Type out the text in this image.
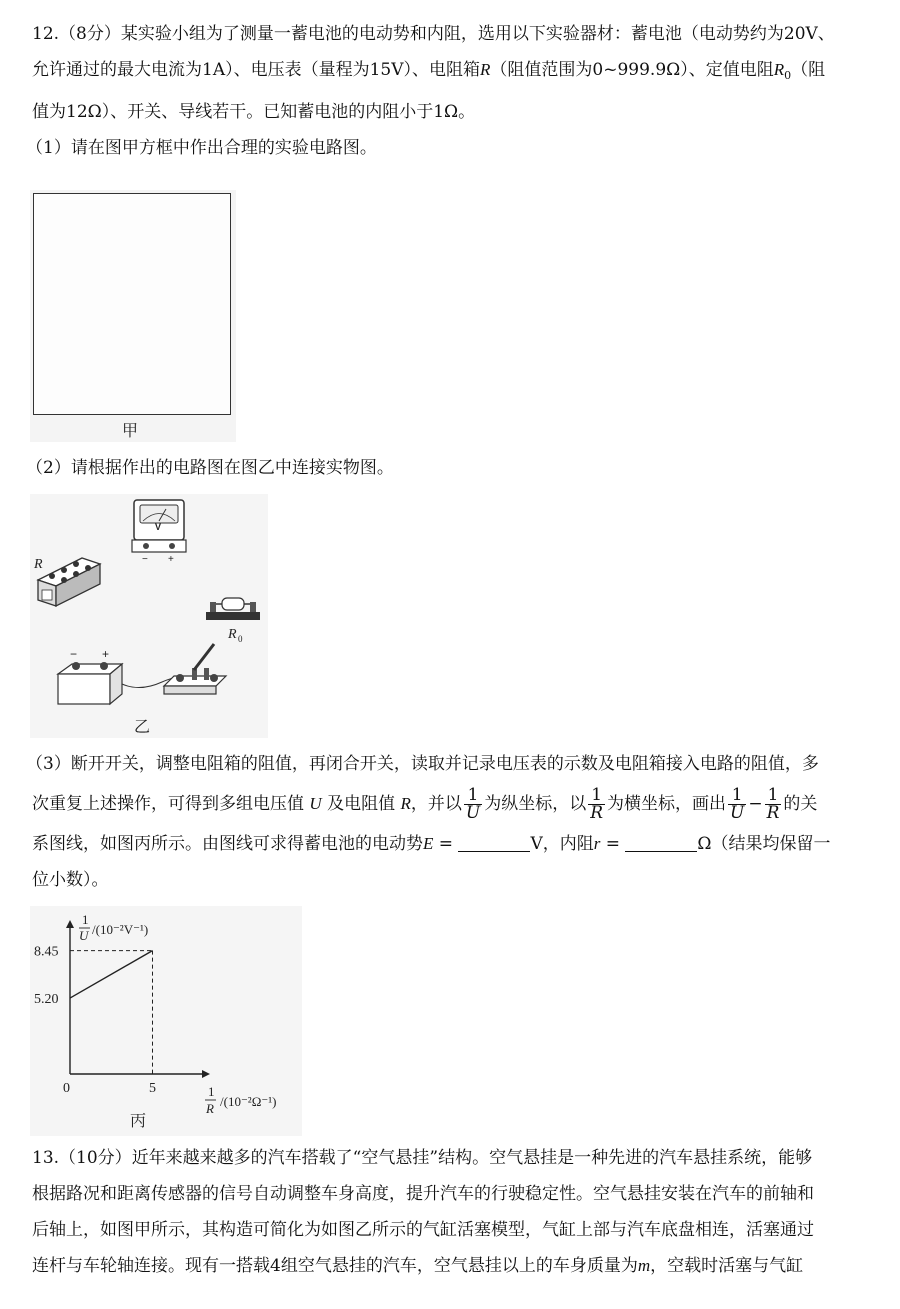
12.（8分）某实验小组为了测量一蓄电池的电动势和内阻，选用以下实验器材：蓄电池（电动势约为20V、
允许通过的最大电流为1A）、电压表（量程为15V）、电阻箱R（阻值范围为0~999.9Ω）、定值电阻$R_0$（阻
值为12Ω）、开关、导线若干。已知蓄电池的内阻小于1Ω。
（1）请在图甲方框中作出合理的实验电路图。
甲
（2）请根据作出的电路图在图乙中连接实物图。
V
− +
R
R 0
− +
乙
（3）断开开关，调整电阻箱的阻值，再闭合开关，读取并记录电压表的示数及电阻箱接入电路的阻值，多
次重复上述操作，可得到多组电压值 U 及电阻值 R，并以 $\frac{1}{U}$ 为纵坐标，以 $\frac{1}{R}$ 为横坐标，画出 $\frac{1}{U} - \frac{1}{R}$ 的关
系图线，如图丙所示。由图线可求得蓄电池的电动势E =	V，内阻r =	Ω（结果均保留一
位小数）。
1
U /(10⁻²V⁻¹)
1
R /(10⁻²Ω⁻¹)
0	5
8.45
5.20
丙
13.（10分）近年来越来越多的汽车搭载了“空气悬挂”结构。空气悬挂是一种先进的汽车悬挂系统，能够
根据路况和距离传感器的信号自动调整车身高度，提升汽车的行驶稳定性。空气悬挂安装在汽车的前轴和
后轴上，如图甲所示，其构造可简化为如图乙所示的气缸活塞模型，气缸上部与汽车底盘相连，活塞通过
连杆与车轮轴连接。现有一搭载4组空气悬挂的汽车，空气悬挂以上的车身质量为m，空载时活塞与气缸
